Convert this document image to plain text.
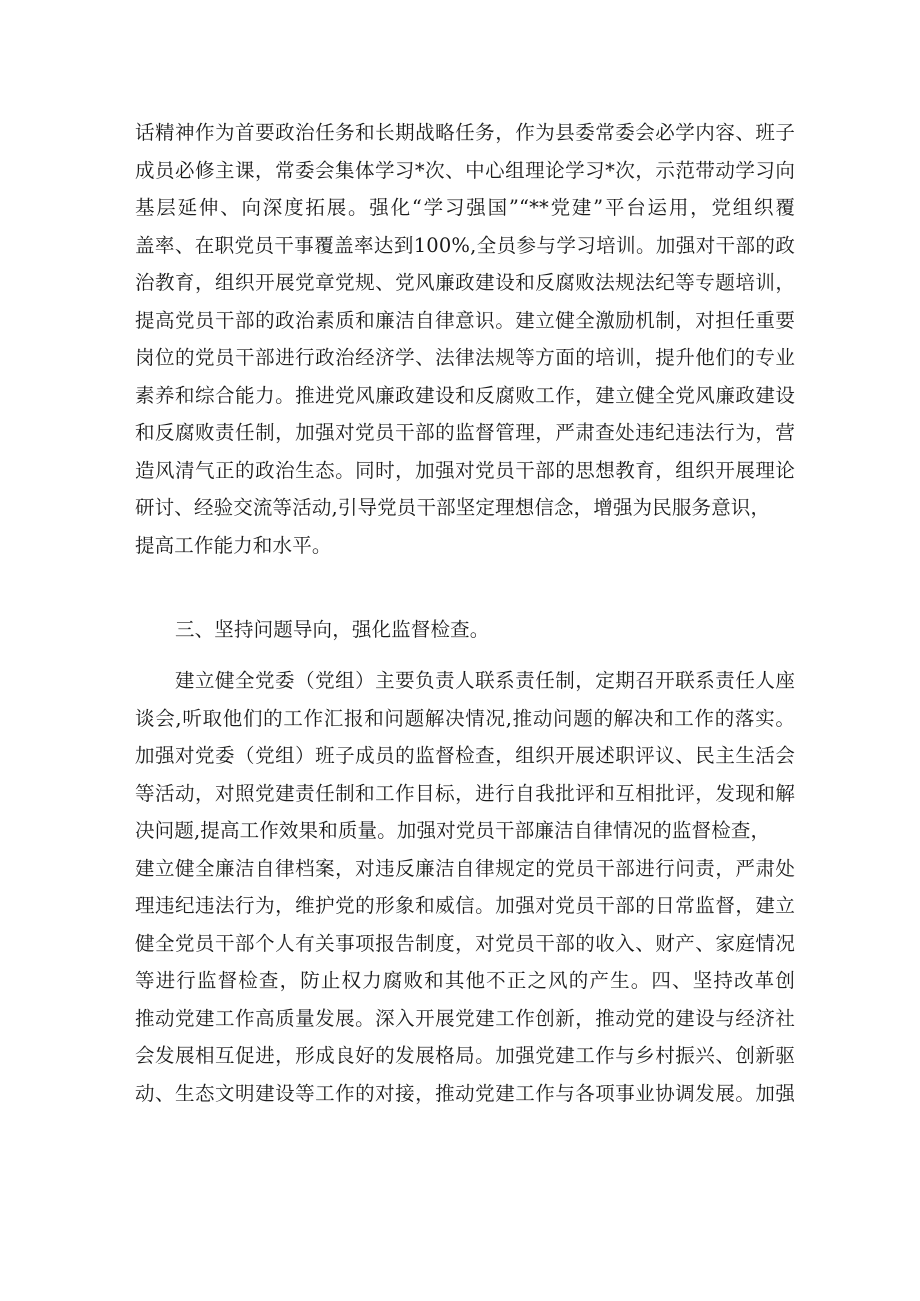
话精神作为首要政治任务和长期战略任务，作为县委常委会必学内容、班子
成员必修主课，常委会集体学习*次、中心组理论学习*次，示范带动学习向
基层延伸、向深度拓展。强化“学习强国”“**党建”平台运用，党组织覆
盖率、在职党员干事覆盖率达到100%,全员参与学习培训。加强对干部的政
治教育，组织开展党章党规、党风廉政建设和反腐败法规法纪等专题培训，
提高党员干部的政治素质和廉洁自律意识。建立健全激励机制，对担任重要
岗位的党员干部进行政治经济学、法律法规等方面的培训，提升他们的专业
素养和综合能力。推进党风廉政建设和反腐败工作，建立健全党风廉政建设
和反腐败责任制，加强对党员干部的监督管理，严肃查处违纪违法行为，营
造风清气正的政治生态。同时，加强对党员干部的思想教育，组织开展理论
研讨、经验交流等活动,引导党员干部坚定理想信念，增强为民服务意识，
提高工作能力和水平。
三、坚持问题导向，强化监督检查。
建立健全党委（党组）主要负责人联系责任制，定期召开联系责任人座
谈会,听取他们的工作汇报和问题解决情况,推动问题的解决和工作的落实。
加强对党委（党组）班子成员的监督检查，组织开展述职评议、民主生活会
等活动，对照党建责任制和工作目标，进行自我批评和互相批评，发现和解
决问题,提高工作效果和质量。加强对党员干部廉洁自律情况的监督检查，
建立健全廉洁自律档案，对违反廉洁自律规定的党员干部进行问责，严肃处
理违纪违法行为，维护党的形象和威信。加强对党员干部的日常监督，建立
健全党员干部个人有关事项报告制度，对党员干部的收入、财产、家庭情况
等进行监督检查，防止权力腐败和其他不正之风的产生。四、坚持改革创
推动党建工作高质量发展。深入开展党建工作创新，推动党的建设与经济社
会发展相互促进，形成良好的发展格局。加强党建工作与乡村振兴、创新驱
动、生态文明建设等工作的对接，推动党建工作与各项事业协调发展。加强
